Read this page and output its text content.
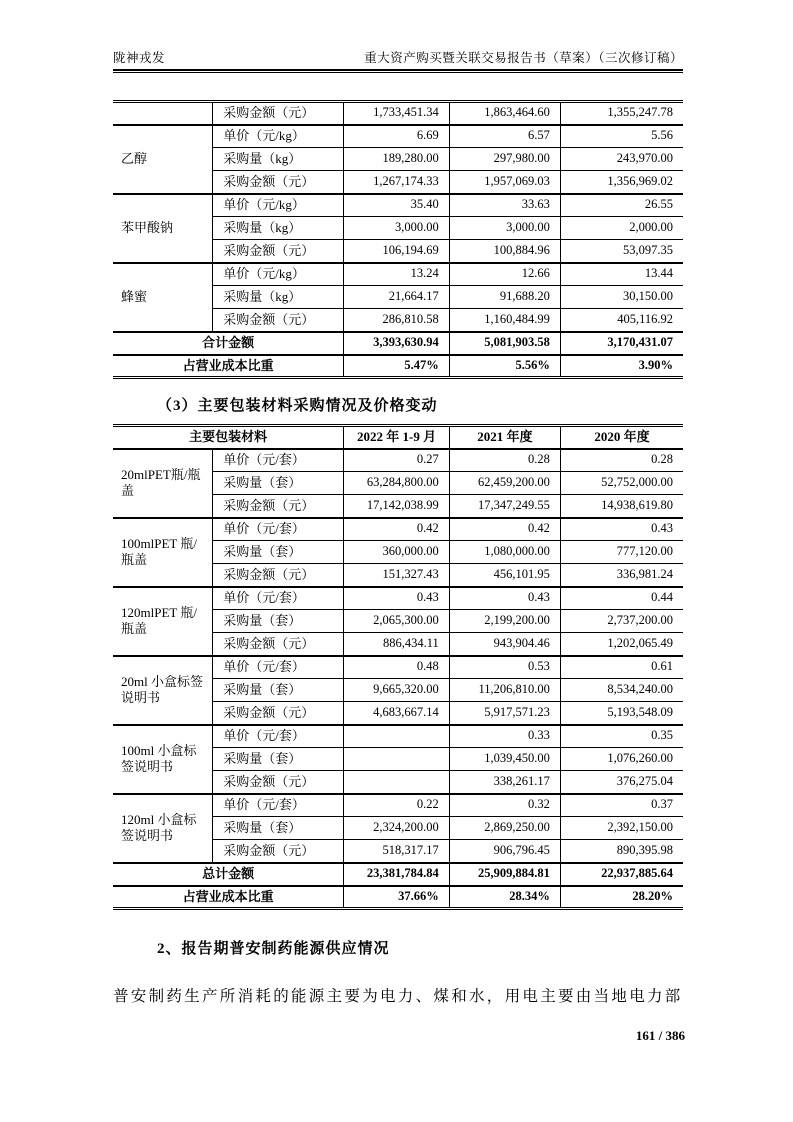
陇神戎发	重大资产购买暨关联交易报告书（草案）（三次修订稿）
	采购金额（元）	1,733,451.34	1,863,464.60	1,355,247.78
乙醇	单价（元/kg）	6.69	6.57	5.56
	采购量（kg）	189,280.00	297,980.00	243,970.00
	采购金额（元）	1,267,174.33	1,957,069.03	1,356,969.02
苯甲酸钠	单价（元/kg）	35.40	33.63	26.55
	采购量（kg）	3,000.00	3,000.00	2,000.00
	采购金额（元）	106,194.69	100,884.96	53,097.35
蜂蜜	单价（元/kg）	13.24	12.66	13.44
	采购量（kg）	21,664.17	91,688.20	30,150.00
	采购金额（元）	286,810.58	1,160,484.99	405,116.92
合计金额		3,393,630.94	5,081,903.58	3,170,431.07
占营业成本比重		5.47%	5.56%	3.90%
（3）主要包装材料采购情况及价格变动
主要包装材料		2022 年 1-9 月	2021 年度	2020 年度
20mlPET瓶/瓶盖	单价（元/套）	0.27	0.28	0.28
	采购量（套）	63,284,800.00	62,459,200.00	52,752,000.00
	采购金额（元）	17,142,038.99	17,347,249.55	14,938,619.80
100mlPET 瓶/瓶盖	单价（元/套）	0.42	0.42	0.43
	采购量（套）	360,000.00	1,080,000.00	777,120.00
	采购金额（元）	151,327.43	456,101.95	336,981.24
120mlPET 瓶/瓶盖	单价（元/套）	0.43	0.43	0.44
	采购量（套）	2,065,300.00	2,199,200.00	2,737,200.00
	采购金额（元）	886,434.11	943,904.46	1,202,065.49
20ml 小盒标签说明书	单价（元/套）	0.48	0.53	0.61
	采购量（套）	9,665,320.00	11,206,810.00	8,534,240.00
	采购金额（元）	4,683,667.14	5,917,571.23	5,193,548.09
100ml 小盒标签说明书	单价（元/套）		0.33	0.35
	采购量（套）		1,039,450.00	1,076,260.00
	采购金额（元）		338,261.17	376,275.04
120ml 小盒标签说明书	单价（元/套）	0.22	0.32	0.37
	采购量（套）	2,324,200.00	2,869,250.00	2,392,150.00
	采购金额（元）	518,317.17	906,796.45	890,395.98
总计金额		23,381,784.84	25,909,884.81	22,937,885.64
占营业成本比重		37.66%	28.34%	28.20%
2、报告期普安制药能源供应情况

普安制药生产所消耗的能源主要为电力、煤和水，用电主要由当地电力部

161 / 386
